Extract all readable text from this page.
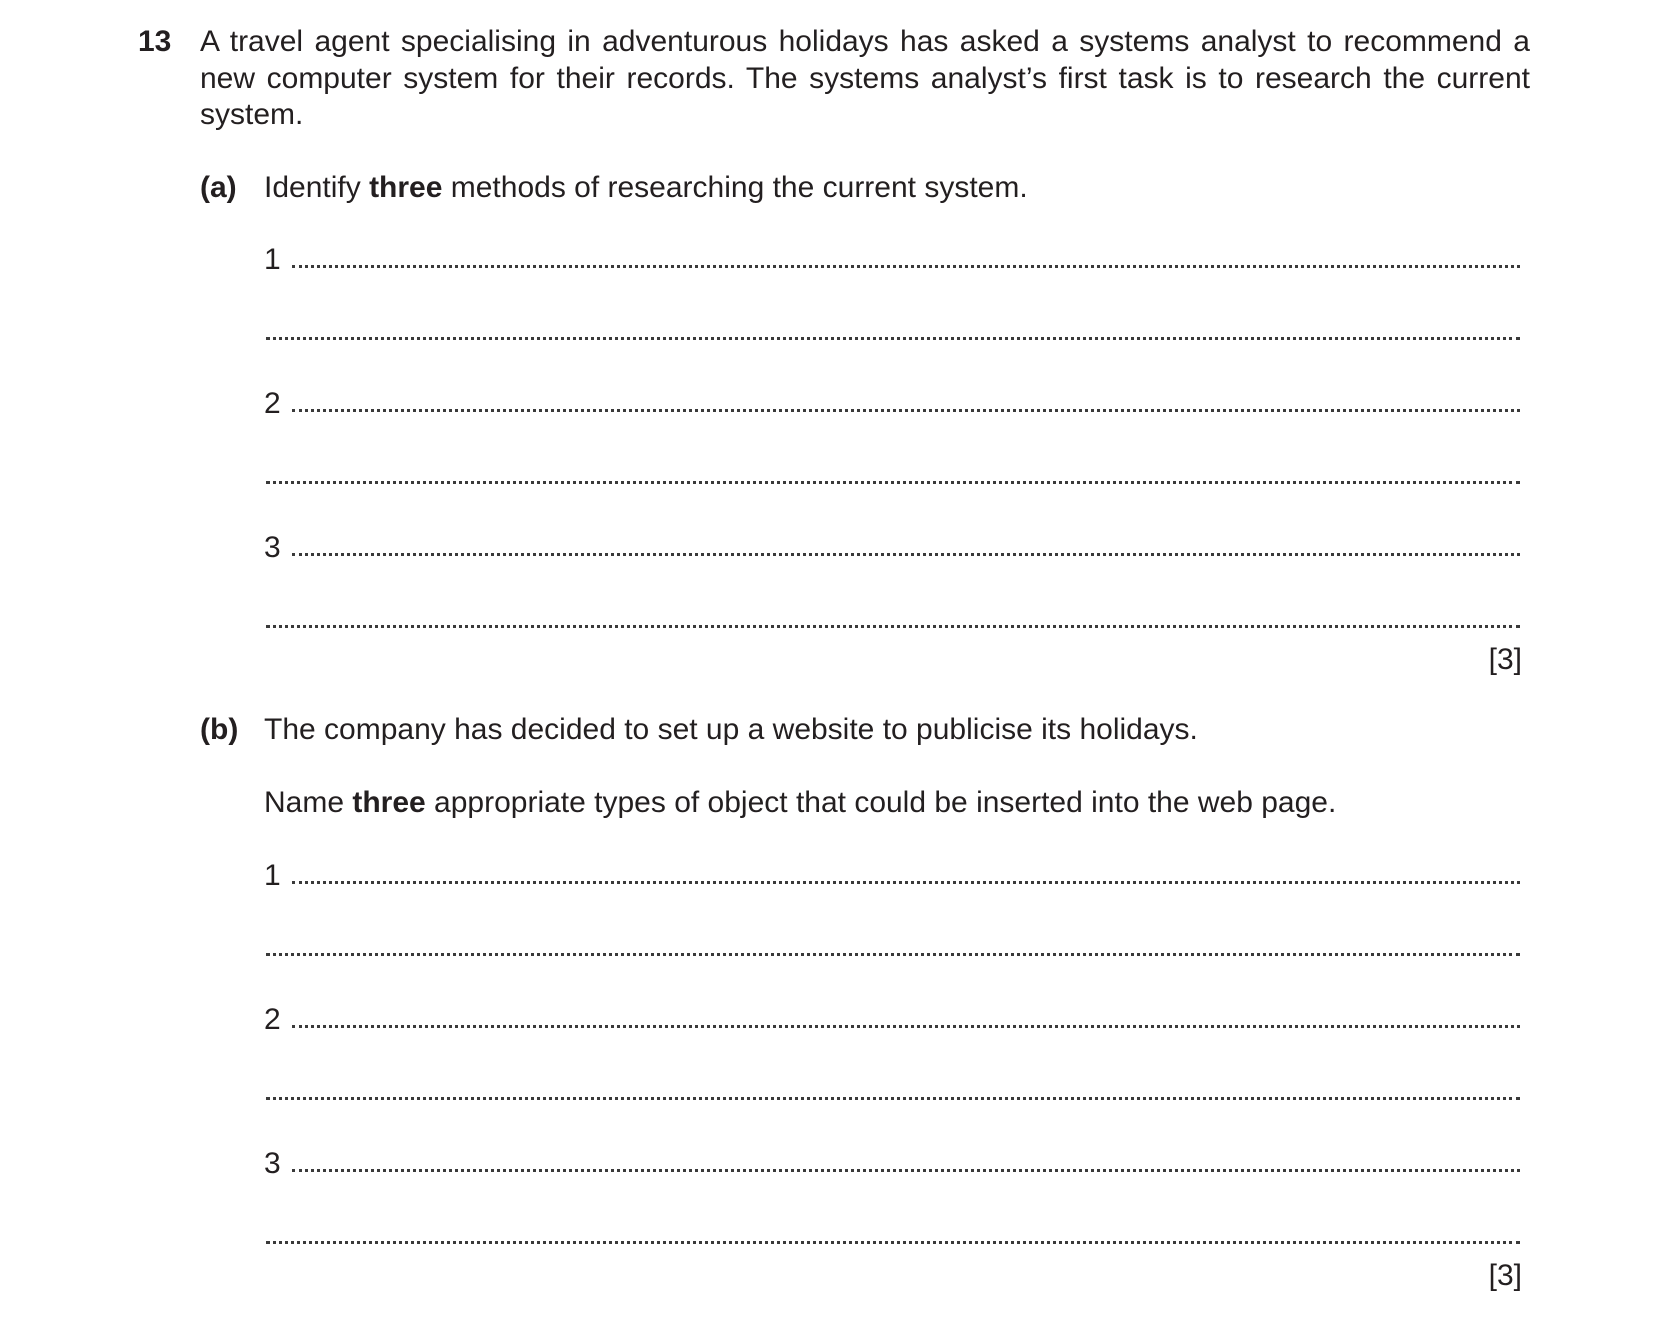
13 A travel agent specialising in adventurous holidays has asked a systems analyst to recommend a new computer system for their records. The systems analyst’s first task is to research the current system.
(a) Identify three methods of researching the current system.
1
2
3
[3]
(b) The company has decided to set up a website to publicise its holidays.
Name three appropriate types of object that could be inserted into the web page.
1
2
3
[3]
